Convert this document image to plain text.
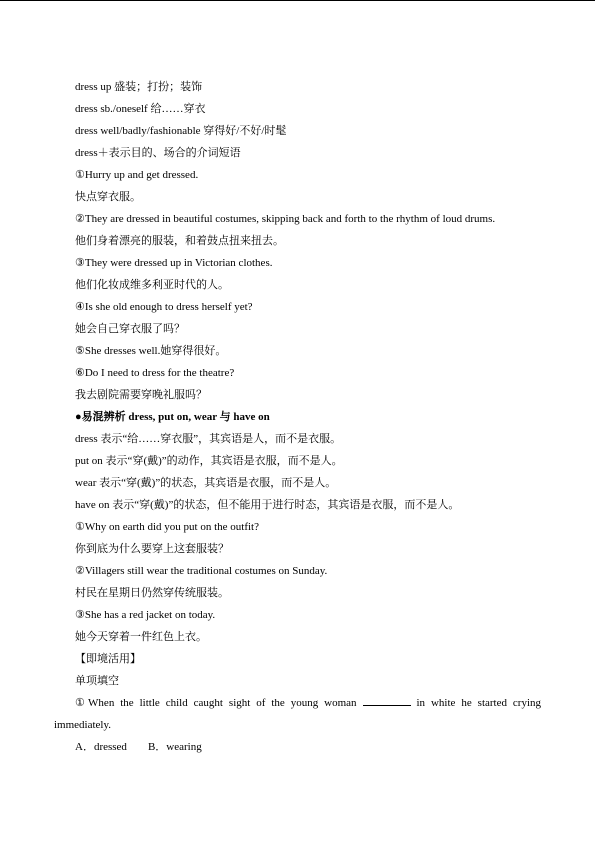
dress up 盛装；打扮；装饰
dress sb./oneself 给……穿衣
dress well/badly/fashionable 穿得好/不好/时髦
dress＋表示目的、场合的介词短语
①Hurry up and get dressed.
快点穿衣服。
②They are dressed in beautiful costumes, skipping back and forth to the rhythm of loud drums.
他们身着漂亮的服装，和着鼓点扭来扭去。
③They were dressed up in Victorian clothes.
他们化妆成维多利亚时代的人。
④Is she old enough to dress herself yet?
她会自己穿衣服了吗？
⑤She dresses well.她穿得很好。
⑥Do I need to dress for the theatre?
我去剧院需要穿晚礼服吗？
●易混辨析 dress, put on, wear 与 have on
dress 表示“给……穿衣服”，其宾语是人，而不是衣服。
put on 表示“穿(戴)”的动作，其宾语是衣服，而不是人。
wear 表示“穿(戴)”的状态，其宾语是衣服，而不是人。
have on 表示“穿(戴)”的状态，但不能用于进行时态，其宾语是衣服，而不是人。
①Why on earth did you put on the outfit?
你到底为什么要穿上这套服装？
②Villagers still wear the traditional costumes on Sunday.
村民在星期日仍然穿传统服装。
③She has a red jacket on today.
她今天穿着一件红色上衣。
【即境活用】
单项填空
①When the little child caught sight of the young woman	in white he started crying
immediately.
A．dressed B．wearing
